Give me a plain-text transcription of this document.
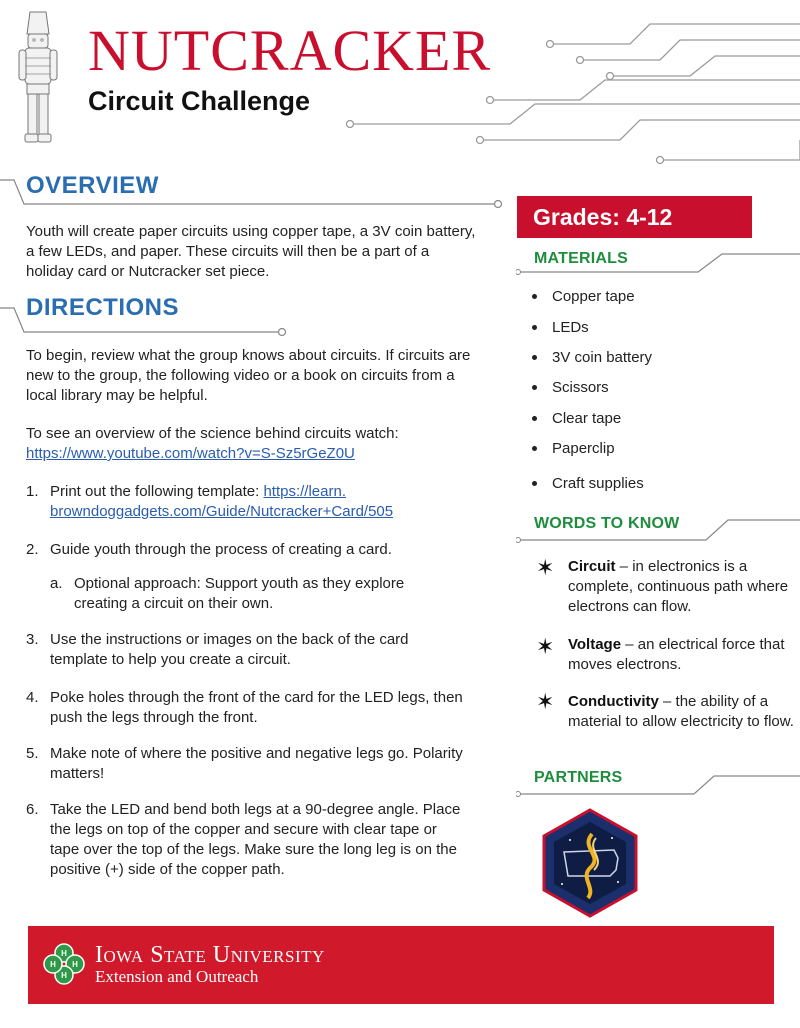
NUTCRACKER
Circuit Challenge
OVERVIEW
Youth will create paper circuits using copper tape, a 3V coin battery, a few LEDs, and paper. These circuits will then be a part of a holiday card or Nutcracker set piece.
DIRECTIONS
To begin, review what the group knows about circuits. If circuits are new to the group, the following video or a book on circuits from a local library may be helpful.
To see an overview of the science behind circuits watch:
https://www.youtube.com/watch?v=S-Sz5rGeZ0U
1. Print out the following template: https://learn.
browndoggadgets.com/Guide/Nutcracker+Card/505
2. Guide youth through the process of creating a card.
a. Optional approach: Support youth as they explore creating a circuit on their own.
3. Use the instructions or images on the back of the card template to help you create a circuit.
4. Poke holes through the front of the card for the LED legs, then push the legs through the front.
5. Make note of where the positive and negative legs go. Polarity matters!
6. Take the LED and bend both legs at a 90-degree angle. Place the legs on top of the copper and secure with clear tape or tape over the top of the legs. Make sure the long leg is on the positive (+) side of the copper path.
Grades: 4-12
MATERIALS
Copper tape
LEDs
3V coin battery
Scissors
Clear tape
Paperclip
Craft supplies
WORDS TO KNOW
✶ Circuit – in electronics is a complete, continuous path where electrons can flow.
✶ Voltage – an electrical force that moves electrons.
✶ Conductivity – the ability of a material to allow electricity to flow.
PARTNERS
H
H
H
H Iowa State University
Extension and Outreach
